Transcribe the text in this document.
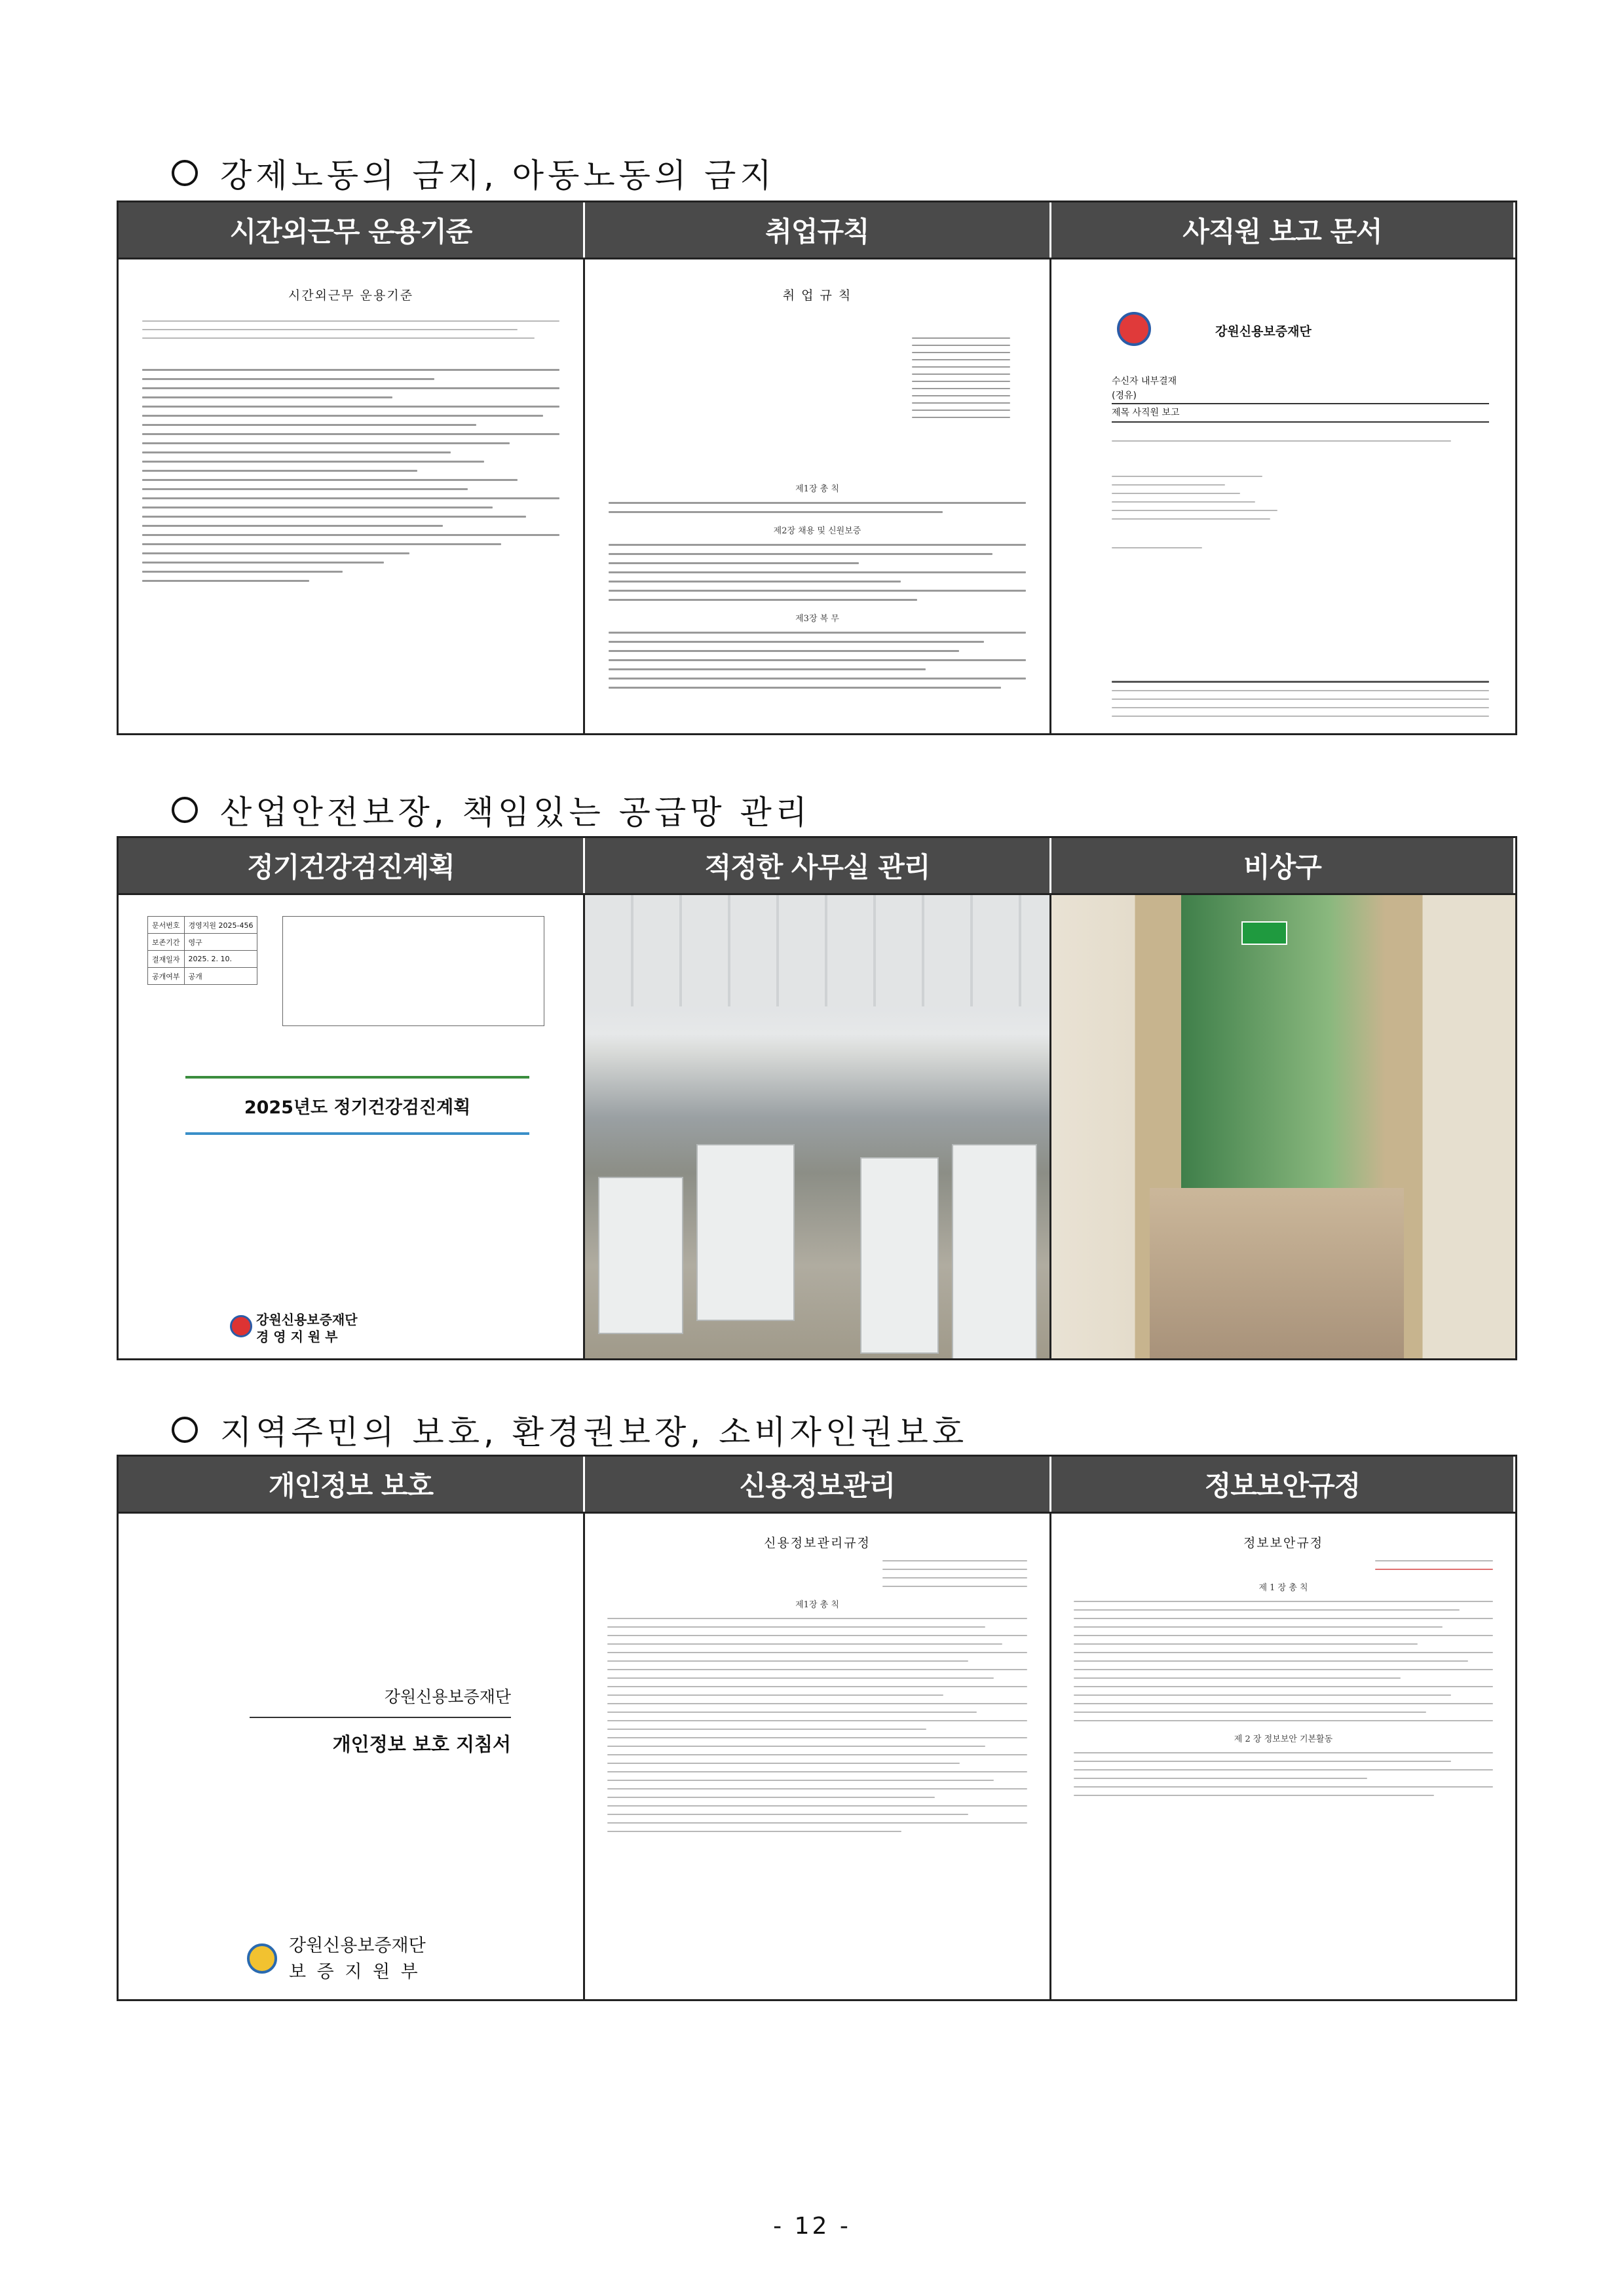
강제노동의 금지, 아동노동의 금지
시간외근무 운용기준	취업규칙	사직원 보고 문서
시간외근무 운용기준	취 업 규 칙
제1장 총 칙
제2장 채용 및 신원보증
제3장 복 무
강원신용보증재단
수신자 내부결재
(경유)
제목 사직원 보고
산업안전보장, 책임있는 공급망 관리
정기건강검진계획	적정한 사무실 관리	비상구
문서번호	경영지원 2025-456
보존기간	영구
결재일자	2025. 2. 10.
공개여부	공개
2025년도 정기건강검진계획
강원신용보증재단
경 영 지 원 부
지역주민의 보호, 환경권보장, 소비자인권보호
개인정보 보호	신용정보관리	정보보안규정
강원신용보증재단
개인정보 보호 지침서
강원신용보증재단
보 증 지 원 부
신용정보관리규정
제1장 총 칙
정보보안규정
제 1 장 총 칙
제 2 장 정보보안 기본활동
- 12 -
